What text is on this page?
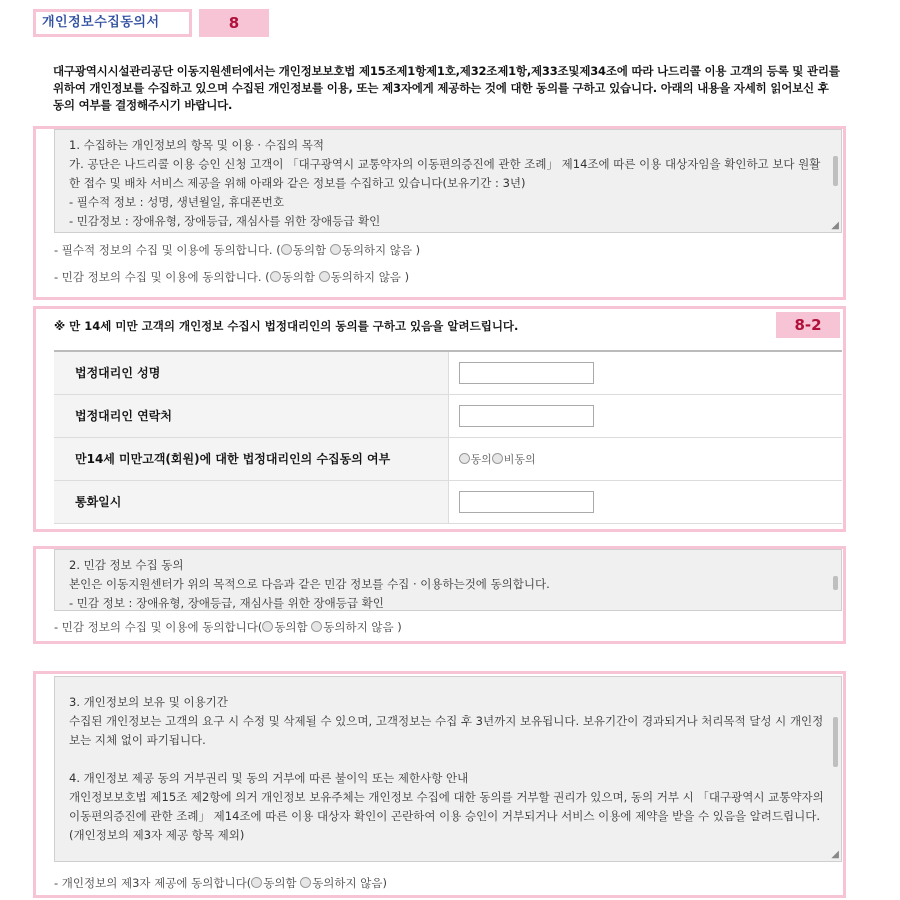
개인정보수집동의서	8
대구광역시시설관리공단 이동지원센터에서는 개인정보보호법 제15조제1항제1호,제32조제1항,제33조및제34조에 따라 나드리콜 이용 고객의 등록 및 관리를 위하여 개인정보를 수집하고 있으며 수집된 개인정보를 이용, 또는 제3자에게 제공하는 것에 대한 동의를 구하고 있습니다. 아래의 내용을 자세히 읽어보신 후 동의 여부를 결정해주시기 바랍니다.
1. 수집하는 개인정보의 항목 및 이용 · 수집의 목적
가. 공단은 나드리콜 이용 승인 신청 고객이 「대구광역시 교통약자의 이동편의증진에 관한 조례」 제14조에 따른 이용 대상자임을 확인하고 보다 원활한 접수 및 배차 서비스 제공을 위해 아래와 같은 정보를 수집하고 있습니다(보유기간 : 3년)
- 필수적 정보 : 성명, 생년월일, 휴대폰번호
- 민감정보 : 장애유형, 장애등급, 재심사를 위한 장애등급 확인	◢
- 필수적 정보의 수집 및 이용에 동의합니다. ( 동의함 동의하지 않음 )
- 민감 정보의 수집 및 이용에 동의합니다. ( 동의함 동의하지 않음 )
8-2
※ 만 14세 미만 고객의 개인정보 수집시 법정대리인의 동의를 구하고 있음을 알려드립니다.
법정대리인 성명	
법정대리인 연락처	
만14세 미만고객(회원)에 대한 법정대리인의 수집동의 여부	동의 비동의
통화일시	
2. 민감 정보 수집 동의
본인은 이동지원센터가 위의 목적으로 다음과 같은 민감 정보를 수집 · 이용하는것에 동의합니다.
- 민감 정보 : 장애유형, 장애등급, 재심사를 위한 장애등급 확인
- 민감 정보의 수집 및 이용에 동의합니다( 동의함 동의하지 않음 )
3. 개인정보의 보유 및 이용기간
수집된 개인정보는 고객의 요구 시 수정 및 삭제될 수 있으며, 고객정보는 수집 후 3년까지 보유됩니다. 보유기간이 경과되거나 처리목적 달성 시 개인정보는 지체 없이 파기됩니다.
4. 개인정보 제공 동의 거부권리 및 동의 거부에 따른 불이익 또는 제한사항 안내
개인정보보호법 제15조 제2항에 의거 개인정보 보유주체는 개인정보 수집에 대한 동의를 거부할 권리가 있으며, 동의 거부 시 「대구광역시 교통약자의 이동편의증진에 관한 조례」 제14조에 따른 이용 대상자 확인이 곤란하여 이용 승인이 거부되거나 서비스 이용에 제약을 받을 수 있음을 알려드립니다. (개인정보의 제3자 제공 항목 제외)
◢
- 개인정보의 제3자 제공에 동의합니다( 동의함 동의하지 않음)
